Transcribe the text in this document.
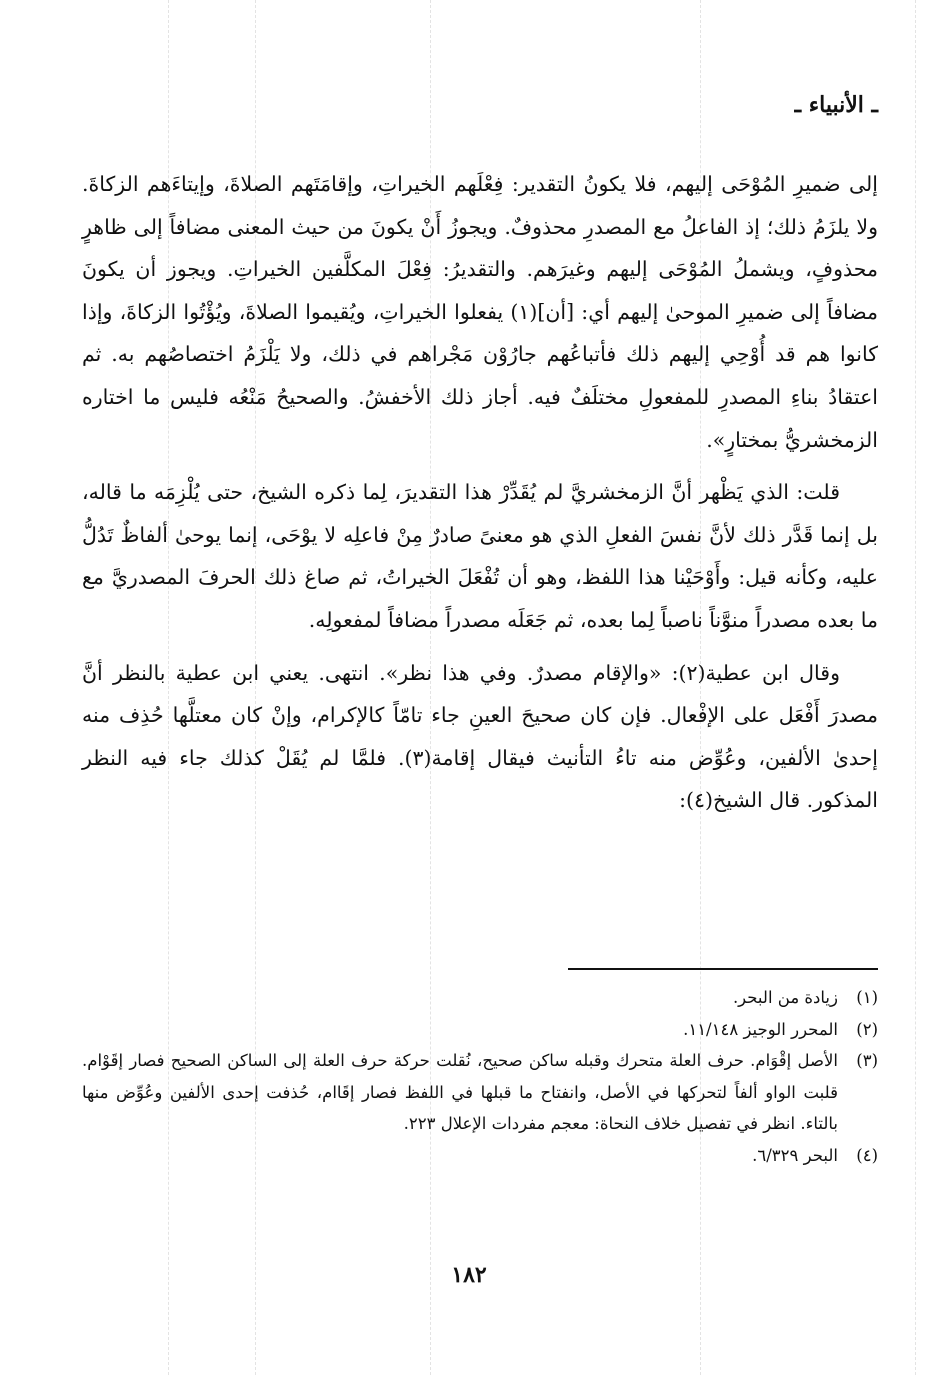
ـ الأنبياء ـ

إلى ضميرِ المُوْحَى إليهم، فلا يكونُ التقدير: فِعْلَهم الخيراتِ، وإقامَتَهم الصلاةَ، وإيتاءَهم الزكاةَ. ولا يلزَمُ ذلك؛ إذ الفاعلُ مع المصدرِ محذوفٌ. ويجوزُ أَنْ يكونَ من حيث المعنى مضافاً إلى ظاهرٍ محذوفٍ، ويشملُ المُوْحَى إليهم وغيرَهم. والتقديرُ: فِعْلَ المكلَّفين الخيراتِ. ويجوز أن يكونَ مضافاً إلى ضميرِ الموحىٰ إليهم أي: [أن](١) يفعلوا الخيراتِ، ويُقيموا الصلاةَ، ويُؤْتُوا الزكاةَ، وإذا كانوا هم قد أُوْحِي إليهم ذلك فأتباعُهم جارُوْن مَجْراهم في ذلك، ولا يَلْزَمُ اختصاصُهم به. ثم اعتقادُ بناءِ المصدرِ للمفعولِ مختلَفٌ فيه. أجاز ذلك الأخفشُ. والصحيحُ مَنْعُه فليس ما اختاره الزمخشريُّ بمختارٍ».

قلت: الذي يَظْهر أنَّ الزمخشريَّ لم يُقَدِّرْ هذا التقديرَ، لِما ذكره الشيخ، حتى يُلْزِمَه ما قاله، بل إنما قَدَّر ذلك لأنَّ نفسَ الفعلِ الذي هو معنىً صادرٌ مِنْ فاعلِه لا يوْحَى، إنما يوحىٰ ألفاظٌ تَدُلُّ عليه، وكأنه قيل: وأَوْحَيْنا هذا اللفظ، وهو أن تُفْعَلَ الخيراتُ، ثم صاغ ذلك الحرفَ المصدريَّ مع ما بعده مصدراً منوَّناً ناصباً لِما بعده، ثم جَعَلَه مصدراً مضافاً لمفعولِه.

وقال ابن عطية(٢): «والإقام مصدرٌ. وفي هذا نظر». انتهى. يعني ابن عطية بالنظر أنَّ مصدرَ أَفْعَل على الإفْعال. فإن كان صحيحَ العينِ جاء تامّاً كالإكرام، وإنْ كان معتلَّها حُذِف منه إحدىٰ الألفين، وعُوِّض منه تاءُ التأنيث فيقال إقامة(٣). فلمَّا لم يُقَلْ كذلك جاء فيه النظر المذكور. قال الشيخ(٤):

(١)
زيادة من البحر.
(٢)
المحرر الوجيز ١١/١٤٨.
(٣)
الأصل إقْوَام. حرف العلة متحرك وقبله ساكن صحيح، نُقلت حركة حرف العلة إلى الساكن الصحيح فصار إقَوْام. قلبت الواو ألفاً لتحركها في الأصل، وانفتاح ما قبلها في اللفظ فصار إقَاام، حُذفت إحدى الألفين وعُوِّض منها بالتاء. انظر في تفصيل خلاف النحاة: معجم مفردات الإعلال ٢٢٣.
(٤)
البحر ٦/٣٢٩.
١٨٢
